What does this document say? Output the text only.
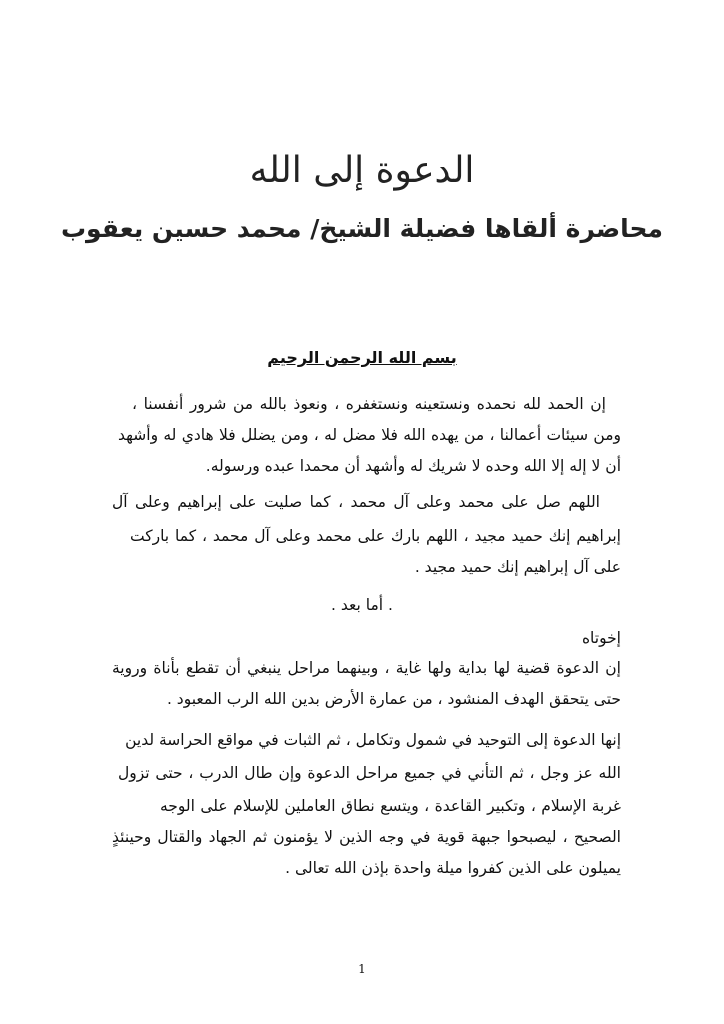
الدعوة إلى الله
محاضرة ألقاها فضيلة الشيخ/ محمد حسين يعقوب

بسم الله الرحمن الرحيم

إن الحمد لله نحمده ونستعينه ونستغفره ، ونعوذ بالله من شرور أنفسنا ،

ومن سيئات أعمالنا ، من يهده الله فلا مضل له ، ومن يضلل فلا هادي له وأشهد

أن لا إله إلا الله وحده لا شريك له وأشهد أن محمدا عبده ورسوله.

اللهم صل على محمد وعلى آل محمد ، كما صليت على إبراهيم وعلى آل

إبراهيم إنك حميد مجيد ، اللهم بارك على محمد وعلى آل محمد ، كما باركت

على آل إبراهيم إنك حميد مجيد .

. أما بعد .

إخوتاه

إن الدعوة قضية لها بداية ولها غاية ، وبينهما مراحل ينبغي أن تقطع بأناة وروية

حتى يتحقق الهدف المنشود ، من عمارة الأرض بدين الله الرب المعبود .

إنها الدعوة إلى التوحيد في شمول وتكامل ، ثم الثبات في مواقع الحراسة لدين

الله عز وجل ، ثم التأني في جميع مراحل الدعوة وإن طال الدرب ، حتى تزول

غربة الإسلام ، وتكبير القاعدة ، ويتسع نطاق العاملين للإسلام على الوجه

الصحيح ، ليصبحوا جبهة قوية في وجه الذين لا يؤمنون ثم الجهاد والقتال وحينئذٍ

يميلون على الذين كفروا ميلة واحدة بإذن الله تعالى .

1
